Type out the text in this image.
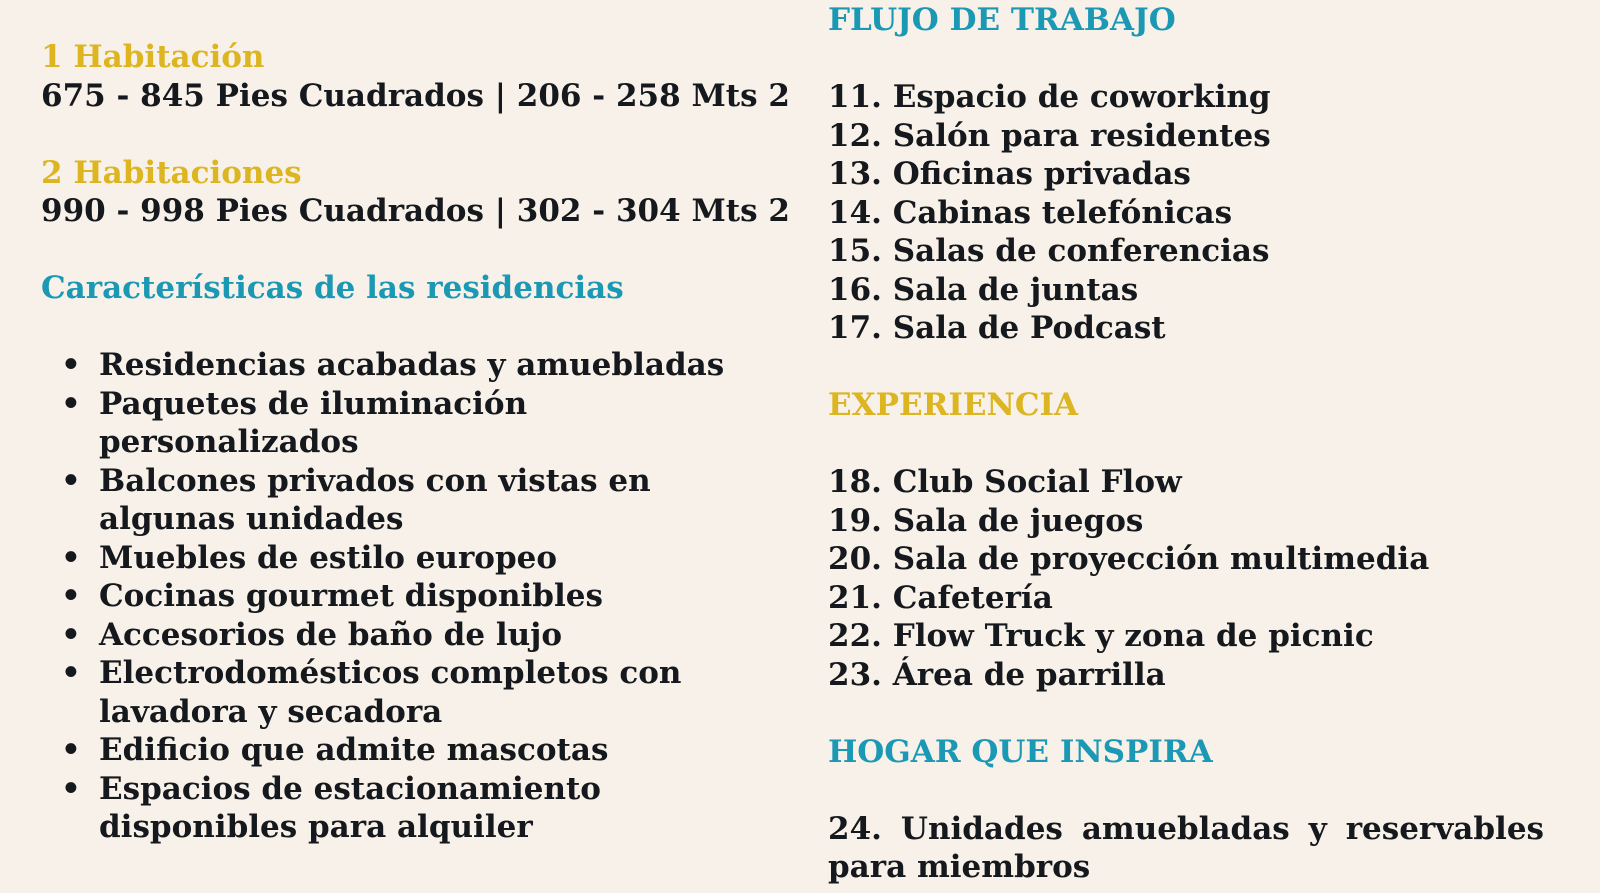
1 Habitación

675 - 845 Pies Cuadrados | 206 - 258 Mts 2

2 Habitaciones

990 - 998 Pies Cuadrados | 302 - 304 Mts 2

Características de las residencias

• Residencias acabadas y amuebladas
• Paquetes de iluminación personalizados
• Balcones privados con vistas en algunas unidades
• Muebles de estilo europeo
• Cocinas gourmet disponibles
• Accesorios de baño de lujo
• Electrodomésticos completos con lavadora y secadora
• Edificio que admite mascotas
• Espacios de estacionamiento disponibles para alquiler

FLUJO DE TRABAJO

11. Espacio de coworking
12. Salón para residentes
13. Oficinas privadas
14. Cabinas telefónicas
15. Salas de conferencias
16. Sala de juntas
17. Sala de Podcast

EXPERIENCIA

18. Club Social Flow
19. Sala de juegos
20. Sala de proyección multimedia
21. Cafetería
22. Flow Truck y zona de picnic
23. Área de parrilla

HOGAR QUE INSPIRA

24. Unidades amuebladas y reservables para miembros
